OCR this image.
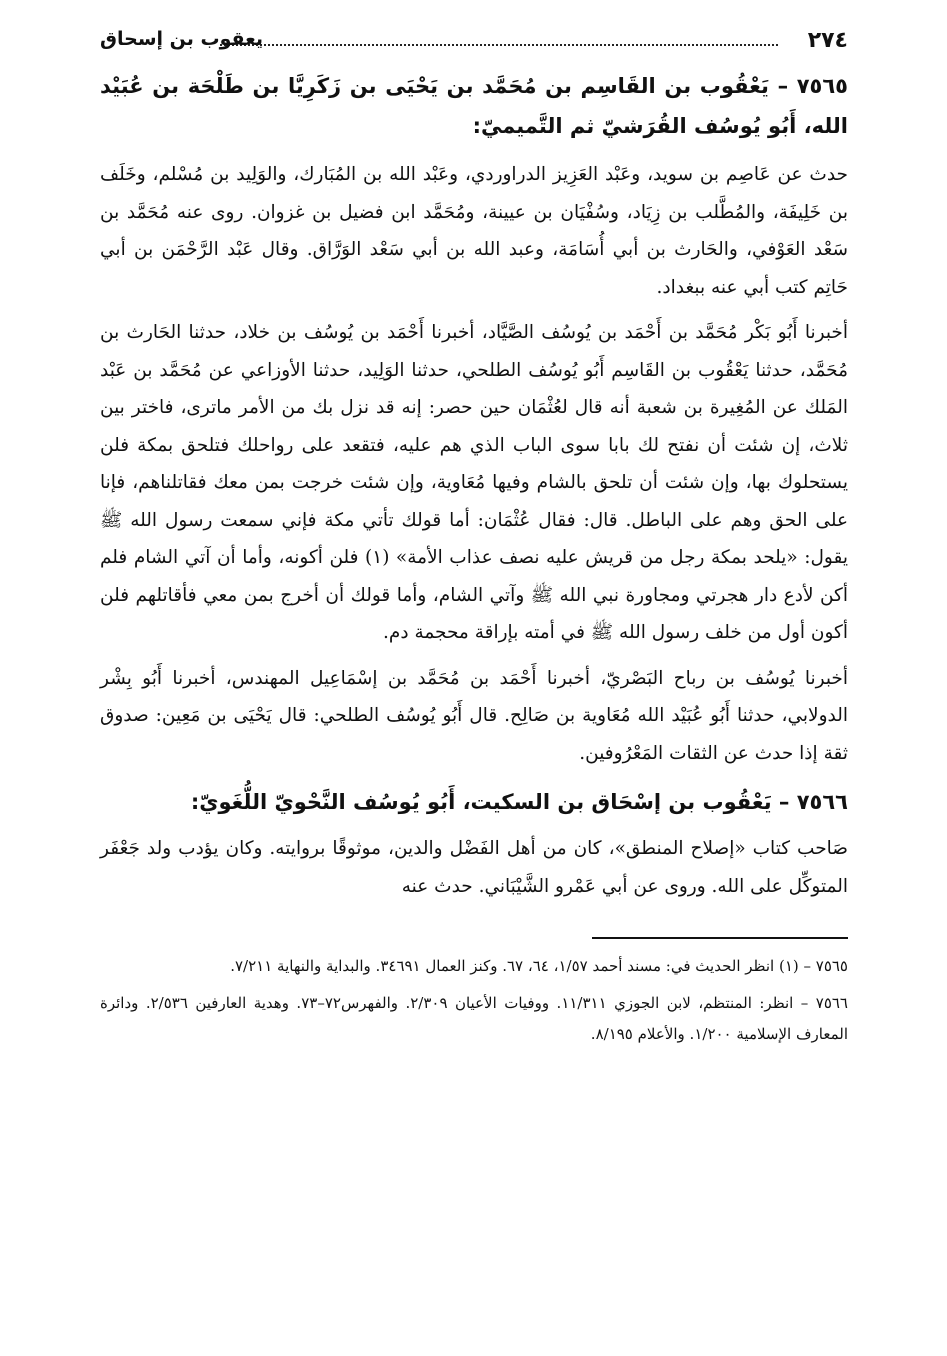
٢٧٤
يعقوب بن إسحاق
٧٥٦٥ – يَعْقُوب بن القَاسِم بن مُحَمَّد بن يَحْيَى بن زَكَرِيَّا بن طَلْحَة بن عُبَيْد الله، أَبُو يُوسُف القُرَشيّ ثم التَّميميّ:

حدث عن عَاصِم بن سويد، وعَبْد العَزِيز الدراوردي، وعَبْد الله بن المُبَارك، والوَلِيد بن مُسْلم، وخَلَف بن خَلِيفَة، والمُطَّلب بن زِيَاد، وسُفْيَان بن عيينة، ومُحَمَّد ابن فضيل بن غزوان. روى عنه مُحَمَّد بن سَعْد العَوْفي، والحَارث بن أبي أُسَامَة، وعبد الله بن أبي سَعْد الوَرَّاق. وقال عَبْد الرَّحْمَن بن أبي حَاتِم كتب أبي عنه ببغداد.

أخبرنا أَبُو بَكْر مُحَمَّد بن أَحْمَد بن يُوسُف الصَّيَّاد، أخبرنا أَحْمَد بن يُوسُف بن خلاد، حدثنا الحَارث بن مُحَمَّد، حدثنا يَعْقُوب بن القَاسِم أَبُو يُوسُف الطلحي، حدثنا الوَلِيد، حدثنا الأوزاعي عن مُحَمَّد بن عَبْد المَلك عن المُغِيرة بن شعبة أنه قال لعُثْمَان حين حصر: إنه قد نزل بك من الأمر ماترى، فاختر بين ثلاث، إن شئت أن نفتح لك بابا سوى الباب الذي هم عليه، فتقعد على رواحلك فتلحق بمكة فلن يستحلوك بها، وإن شئت أن تلحق بالشام وفيها مُعَاوية، وإن شئت خرجت بمن معك فقاتلناهم، فإنا على الحق وهم على الباطل. قال: فقال عُثْمَان: أما قولك تأتي مكة فإني سمعت رسول الله ﷺ يقول: «يلحد بمكة رجل من قريش عليه نصف عذاب الأمة» (١) فلن أكونه، وأما أن آتي الشام فلم أكن لأدع دار هجرتي ومجاورة نبي الله ﷺ وآتي الشام، وأما قولك أن أخرج بمن معي فأقاتلهم فلن أكون أول من خلف رسول الله ﷺ في أمته بإراقة محجمة دم.

أخبرنا يُوسُف بن رباح البَصْريّ، أخبرنا أَحْمَد بن مُحَمَّد بن إسْمَاعِيل المهندس، أخبرنا أَبُو بِشْر الدولابي، حدثنا أَبُو عُبَيْد الله مُعَاوية بن صَالِح. قال أَبُو يُوسُف الطلحي: قال يَحْيَى بن مَعِين: صدوق ثقة إذا حدث عن الثقات المَعْرُوفين.

٧٥٦٦ – يَعْقُوب بن إسْحَاق بن السكيت، أَبُو يُوسُف النَّحْويّ اللُّغَويّ:

صَاحب كتاب «إصلاح المنطق»، كان من أهل الفَضْل والدين، موثوقًا بروايته. وكان يؤدب ولد جَعْفَر المتوكِّل على الله. وروى عن أبي عَمْرو الشَّيْبَاني. حدث عنه

٧٥٦٥ – (١) انظر الحديث في: مسند أحمد ١/٥٧، ٦٤، ٦٧. وكنز العمال ٣٤٦٩١. والبداية والنهاية ٧/٢١١.

٧٥٦٦ – انظر: المنتظم، لابن الجوزي ١١/٣١١. ووفيات الأعيان ٢/٣٠٩. والفهرس٧٢–٧٣. وهدية العارفين ٢/٥٣٦. ودائرة المعارف الإسلامية ١/٢٠٠. والأعلام ٨/١٩٥.
